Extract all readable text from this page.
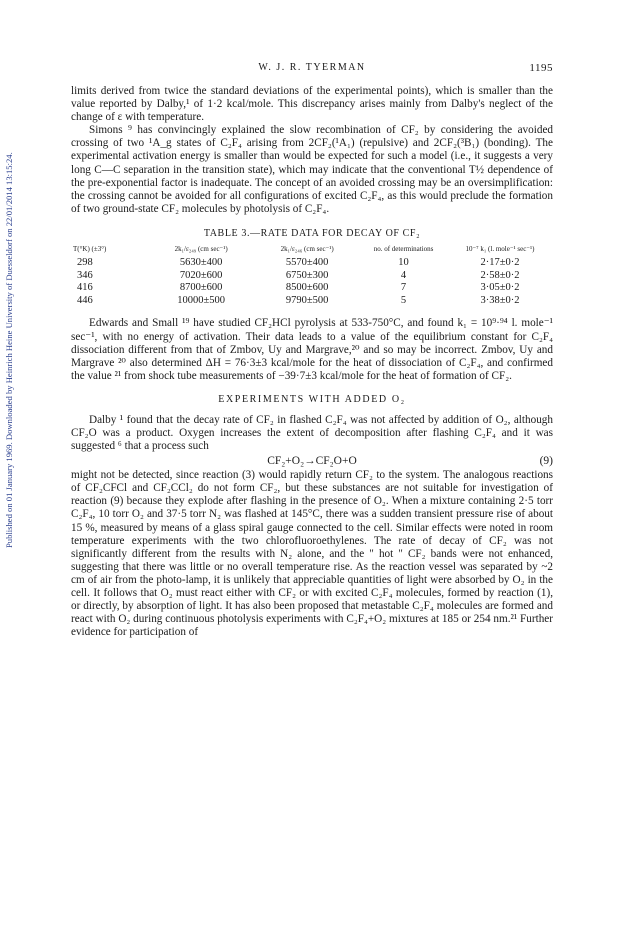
Published on 01 January 1969. Downloaded by Heinrich Heine University of Duesseldorf on 22/01/2014 13:15:24.
W. J. R. TYERMAN	1195

limits derived from twice the standard deviations of the experimental points), which is smaller than the value reported by Dalby,¹ of 1·2 kcal/mole. This discrepancy arises mainly from Dalby's neglect of the change of ε with temperature.

Simons ⁹ has convincingly explained the slow recombination of CF₂ by considering the avoided crossing of two ¹A_g states of C₂F₄ arising from 2CF₂(¹A₁) (repulsive) and 2CF₂(³B₁) (bonding). The experimental activation energy is smaller than would be expected for such a model (i.e., it suggests a very long C—C separation in the transition state), which may indicate that the conventional T½ dependence of the pre-exponential factor is inadequate. The concept of an avoided crossing may be an oversimplification: the crossing cannot be avoided for all configurations of excited C₂F₄, as this would preclude the formation of two ground-state CF₂ molecules by photolysis of C₂F₄.

TABLE 3.—RATE DATA FOR DECAY OF CF₂
T(°K) (±3°)	2k₁/ε₂₄₉ (cm sec⁻¹)	2k₁/ε₂₄₆ (cm sec⁻¹)	no. of determinations	10⁻⁷ k₁ (l. mole⁻¹ sec⁻¹)
298	5630±400	5570±400	10	2·17±0·2
346	7020±600	6750±300	4	2·58±0·2
416	8700±600	8500±600	7	3·05±0·2
446	10000±500	9790±500	5	3·38±0·2

Edwards and Small ¹⁹ have studied CF₂HCl pyrolysis at 533-750°C, and found k₁ = 10⁹·⁹⁴ l. mole⁻¹ sec⁻¹, with no energy of activation. Their data leads to a value of the equilibrium constant for C₂F₄ dissociation different from that of Zmbov, Uy and Margrave,²⁰ and so may be incorrect. Zmbov, Uy and Margrave ²⁰ also determined ΔH = 76·3±3 kcal/mole for the heat of dissociation of C₂F₄, and confirmed the value ²¹ from shock tube measurements of −39·7±3 kcal/mole for the heat of formation of CF₂.

EXPERIMENTS WITH ADDED O₂

Dalby ¹ found that the decay rate of CF₂ in flashed C₂F₄ was not affected by addition of O₂, although CF₂O was a product. Oxygen increases the extent of decomposition after flashing C₂F₄ and it was suggested ⁶ that a process such

CF₂+O₂→CF₂O+O	(9)

might not be detected, since reaction (3) would rapidly return CF₂ to the system. The analogous reactions of CF₂CFCl and CF₂CCl₂ do not form CF₂, but these substances are not suitable for investigation of reaction (9) because they explode after flashing in the presence of O₂. When a mixture containing 2·5 torr C₂F₄, 10 torr O₂ and 37·5 torr N₂ was flashed at 145°C, there was a sudden transient pressure rise of about 15 %, measured by means of a glass spiral gauge connected to the cell. Similar effects were noted in room temperature experiments with the two chlorofluoroethylenes. The rate of decay of CF₂ was not significantly different from the results with N₂ alone, and the " hot " CF₂ bands were not enhanced, suggesting that there was little or no overall temperature rise. As the reaction vessel was separated by ~2 cm of air from the photo-lamp, it is unlikely that appreciable quantities of light were absorbed by O₂ in the cell. It follows that O₂ must react either with CF₂ or with excited C₂F₄ molecules, formed by reaction (1), or directly, by absorption of light. It has also been proposed that metastable C₂F₄ molecules are formed and react with O₂ during continuous photolysis experiments with C₂F₄+O₂ mixtures at 185 or 254 nm.²¹ Further evidence for participation of
